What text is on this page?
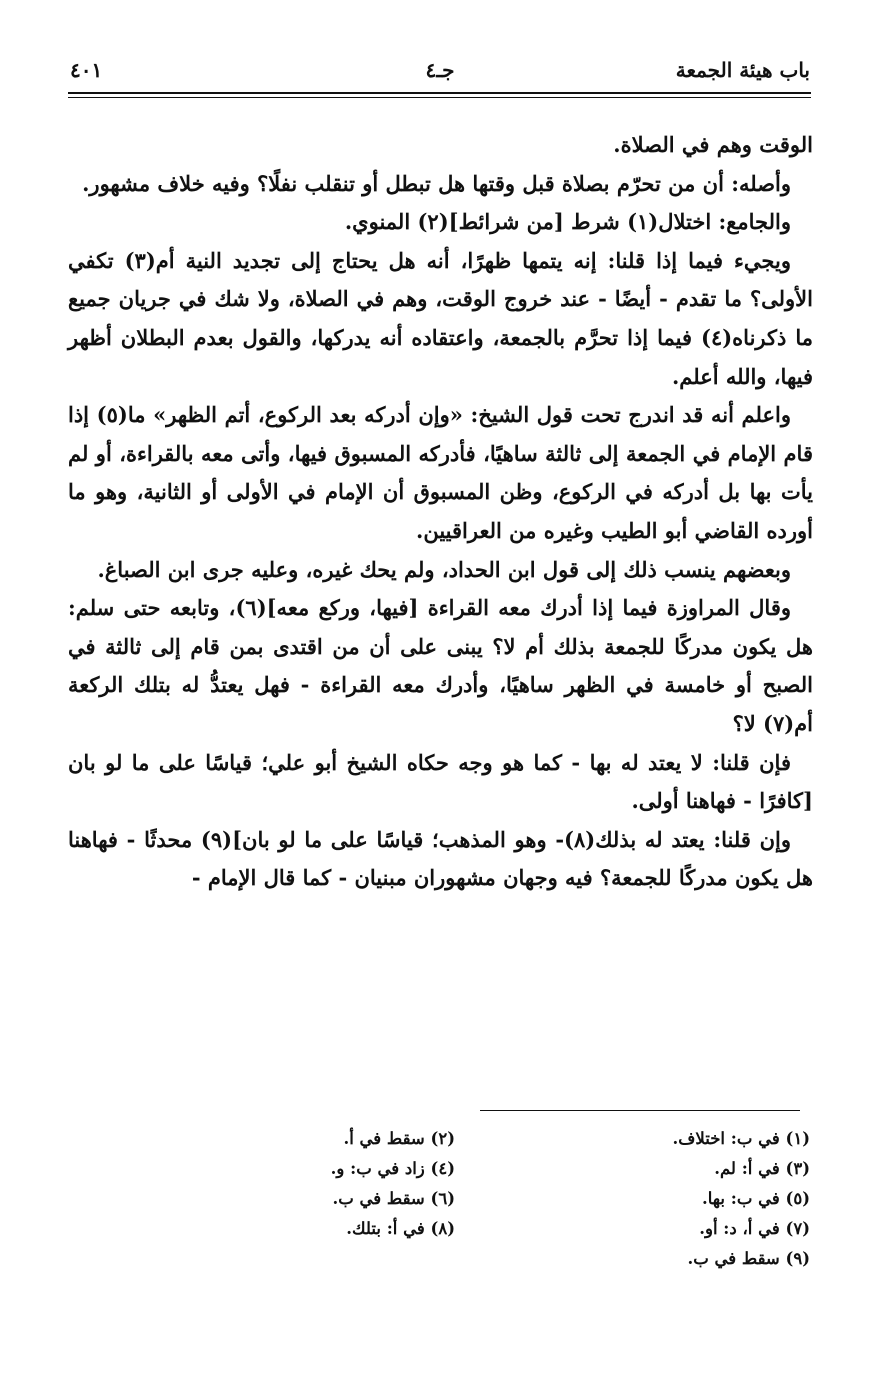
باب هيئة الجمعة
جـ٤
٤٠١

الوقت وهم في الصلاة.

وأصله: أن من تحرّم بصلاة قبل وقتها هل تبطل أو تنقلب نفلًا؟ وفيه خلاف مشهور.

والجامع: اختلال(١) شرط [من شرائط](٢) المنوي.

ويجيء فيما إذا قلنا: إنه يتمها ظهرًا، أنه هل يحتاج إلى تجديد النية أم(٣) تكفي الأولى؟ ما تقدم - أيضًا - عند خروج الوقت، وهم في الصلاة، ولا شك في جريان جميع ما ذكرناه(٤) فيما إذا تحرَّم بالجمعة، واعتقاده أنه يدركها، والقول بعدم البطلان أظهر فيها، والله أعلم.

واعلم أنه قد اندرج تحت قول الشيخ: «وإن أدركه بعد الركوع، أتم الظهر» ما(٥) إذا قام الإمام في الجمعة إلى ثالثة ساهيًا، فأدركه المسبوق فيها، وأتى معه بالقراءة، أو لم يأت بها بل أدركه في الركوع، وظن المسبوق أن الإمام في الأولى أو الثانية، وهو ما أورده القاضي أبو الطيب وغيره من العراقيين.

وبعضهم ينسب ذلك إلى قول ابن الحداد، ولم يحك غيره، وعليه جرى ابن الصباغ.

وقال المراوزة فيما إذا أدرك معه القراءة [فيها، وركع معه](٦)، وتابعه حتى سلم: هل يكون مدركًا للجمعة بذلك أم لا؟ يبنى على أن من اقتدى بمن قام إلى ثالثة في الصبح أو خامسة في الظهر ساهيًا، وأدرك معه القراءة - فهل يعتدُّ له بتلك الركعة أم(٧) لا؟

فإن قلنا: لا يعتد له بها - كما هو وجه حكاه الشيخ أبو علي؛ قياسًا على ما لو بان [كافرًا - فهاهنا أولى.

وإن قلنا: يعتد له بذلك(٨)- وهو المذهب؛ قياسًا على ما لو بان](٩) محدثًا - فهاهنا هل يكون مدركًا للجمعة؟ فيه وجهان مشهوران مبنيان - كما قال الإمام -

(١) في ب: اختلاف.
(٢) سقط في أ.
(٣) في أ: لم.
(٤) زاد في ب: و.
(٥) في ب: بها.
(٦) سقط في ب.
(٧) في أ، د: أو.
(٨) في أ: بتلك.
(٩) سقط في ب.
